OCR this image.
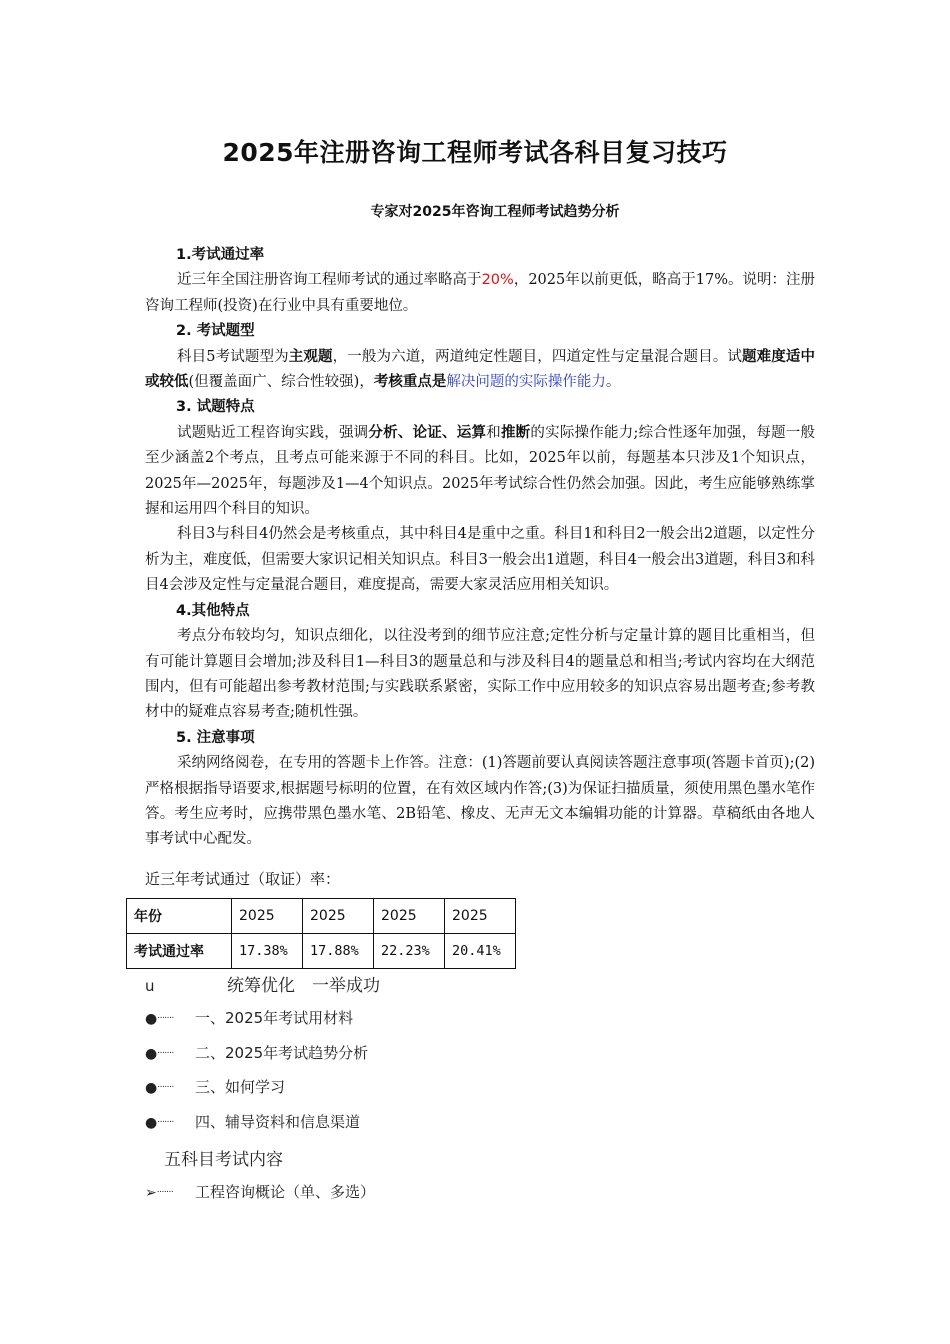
2025年注册咨询工程师考试各科目复习技巧
专家对2025年咨询工程师考试趋势分析
1.考试通过率

近三年全国注册咨询工程师考试的通过率略高于20%，2025年以前更低，略高于17%。说明：注册咨询工程师(投资)在行业中具有重要地位。

2. 考试题型

科目5考试题型为主观题，一般为六道，两道纯定性题目，四道定性与定量混合题目。试题难度适中或较低(但覆盖面广、综合性较强)，考核重点是解决问题的实际操作能力。

3. 试题特点

试题贴近工程咨询实践，强调分析、论证、运算和推断的实际操作能力;综合性逐年加强，每题一般至少涵盖2个考点，且考点可能来源于不同的科目。比如，2025年以前，每题基本只涉及1个知识点，2025年—2025年，每题涉及1—4个知识点。2025年考试综合性仍然会加强。因此，考生应能够熟练掌握和运用四个科目的知识。

科目3与科目4仍然会是考核重点，其中科目4是重中之重。科目1和科目2一般会出2道题，以定性分析为主，难度低，但需要大家识记相关知识点。科目3一般会出1道题，科目4一般会出3道题，科目3和科目4会涉及定性与定量混合题目，难度提高，需要大家灵活应用相关知识。

4.其他特点

考点分布较均匀，知识点细化，以往没考到的细节应注意;定性分析与定量计算的题目比重相当，但有可能计算题目会增加;涉及科目1—科目3的题量总和与涉及科目4的题量总和相当;考试内容均在大纲范围内，但有可能超出参考教材范围;与实践联系紧密，实际工作中应用较多的知识点容易出题考查;参考教材中的疑难点容易考查;随机性强。

5. 注意事项

采纳网络阅卷，在专用的答题卡上作答。注意：(1)答题前要认真阅读答题注意事项(答题卡首页);(2)严格根据指导语要求,根据题号标明的位置，在有效区域内作答;(3)为保证扫描质量，须使用黑色墨水笔作答。考生应考时，应携带黑色墨水笔、2B铅笔、橡皮、无声无文本编辑功能的计算器。草稿纸由各地人事考试中心配发。

近三年考试通过（取证）率：
年份	2025	2025	2025	2025
考试通过率	17.38%	17.88%	22.23%	20.41%
u	统筹优化　一举成功
●······· 一、2025年考试用材料
●······· 二、2025年考试趋势分析
●······· 三、如何学习
●······· 四、辅导资料和信息渠道
五科目考试内容
➢······· 工程咨询概论（单、多选）
